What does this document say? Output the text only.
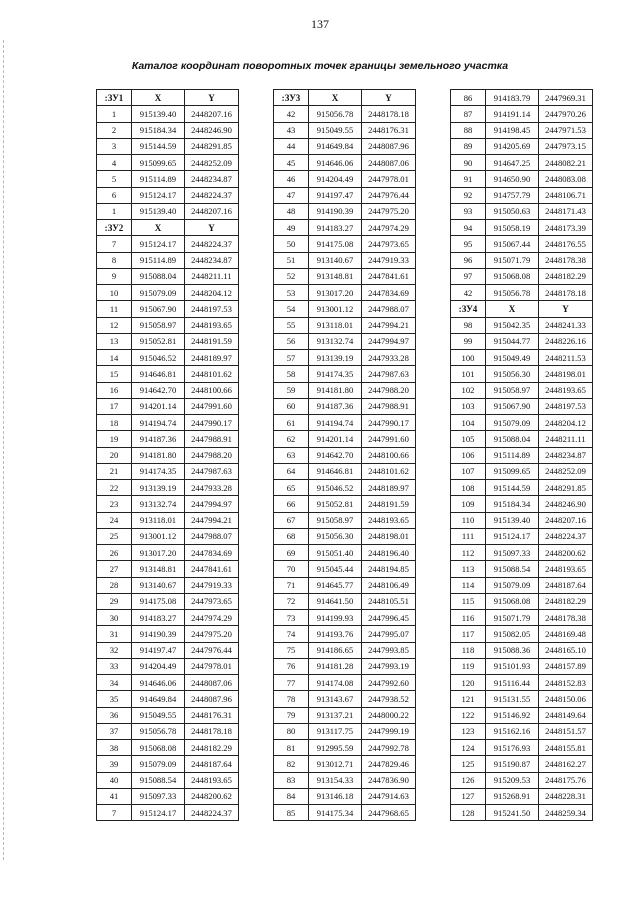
137
Каталог координат поворотных точек границы земельного участка
:ЗУ1	X	Y
1	915139.40	2448207.16
2	915184.34	2448246.90
3	915144.59	2448291.85
4	915099.65	2448252.09
5	915114.89	2448234.87
6	915124.17	2448224.37
1	915139.40	2448207.16
:ЗУ2	X	Y
7	915124.17	2448224.37
8	915114.89	2448234.87
9	915088.04	2448211.11
10	915079.09	2448204.12
11	915067.90	2448197.53
12	915058.97	2448193.65
13	915052.81	2448191.59
14	915046.52	2448189.97
15	914646.81	2448101.62
16	914642.70	2448100.66
17	914201.14	2447991.60
18	914194.74	2447990.17
19	914187.36	2447988.91
20	914181.80	2447988.20
21	914174.35	2447987.63
22	913139.19	2447933.28
23	913132.74	2447994.97
24	913118.01	2447994.21
25	913001.12	2447988.07
26	913017.20	2447834.69
27	913148.81	2447841.61
28	913140.67	2447919.33
29	914175.08	2447973.65
30	914183.27	2447974.29
31	914190.39	2447975.20
32	914197.47	2447976.44
33	914204.49	2447978.01
34	914646.06	2448087.06
35	914649.84	2448087.96
36	915049.55	2448176.31
37	915056.78	2448178.18
38	915068.08	2448182.29
39	915079.09	2448187.64
40	915088.54	2448193.65
41	915097.33	2448200.62
7	915124.17	2448224.37
:ЗУ3	X	Y
42	915056.78	2448178.18
43	915049.55	2448176.31
44	914649.84	2448087.96
45	914646.06	2448087.06
46	914204.49	2447978.01
47	914197.47	2447976.44
48	914190.39	2447975.20
49	914183.27	2447974.29
50	914175.08	2447973.65
51	913140.67	2447919.33
52	913148.81	2447841.61
53	913017.20	2447834.69
54	913001.12	2447988.07
55	913118.01	2447994.21
56	913132.74	2447994.97
57	913139.19	2447933.28
58	914174.35	2447987.63
59	914181.80	2447988.20
60	914187.36	2447988.91
61	914194.74	2447990.17
62	914201.14	2447991.60
63	914642.70	2448100.66
64	914646.81	2448101.62
65	915046.52	2448189.97
66	915052.81	2448191.59
67	915058.97	2448193.65
68	915056.30	2448198.01
69	915051.40	2448196.40
70	915045.44	2448194.85
71	914645.77	2448106.49
72	914641.50	2448105.51
73	914199.93	2447996.45
74	914193.76	2447995.07
75	914186.65	2447993.85
76	914181.28	2447993.19
77	914174.08	2447992.60
78	913143.67	2447938.52
79	913137.21	2448000.22
80	913117.75	2447999.19
81	912995.59	2447992.78
82	913012.71	2447829.46
83	913154.33	2447836.90
84	913146.18	2447914.63
85	914175.34	2447968.65
86	914183.79	2447969.31
87	914191.14	2447970.26
88	914198.45	2447971.53
89	914205.69	2447973.15
90	914647.25	2448082.21
91	914650.90	2448083.08
92	914757.79	2448106.71
93	915050.63	2448171.43
94	915058.19	2448173.39
95	915067.44	2448176.55
96	915071.79	2448178.38
97	915068.08	2448182.29
42	915056.78	2448178.18
:ЗУ4	X	Y
98	915042.35	2448241.33
99	915044.77	2448226.16
100	915049.49	2448211.53
101	915056.30	2448198.01
102	915058.97	2448193.65
103	915067.90	2448197.53
104	915079.09	2448204.12
105	915088.04	2448211.11
106	915114.89	2448234.87
107	915099.65	2448252.09
108	915144.59	2448291.85
109	915184.34	2448246.90
110	915139.40	2448207.16
111	915124.17	2448224.37
112	915097.33	2448200.62
113	915088.54	2448193.65
114	915079.09	2448187.64
115	915068.08	2448182.29
116	915071.79	2448178.38
117	915082.05	2448169.48
118	915088.36	2448165.10
119	915101.93	2448157.89
120	915116.44	2448152.83
121	915131.55	2448150.06
122	915146.92	2448149.64
123	915162.16	2448151.57
124	915176.93	2448155.81
125	915190.87	2448162.27
126	915209.53	2448175.76
127	915268.91	2448228.31
128	915241.50	2448259.34
